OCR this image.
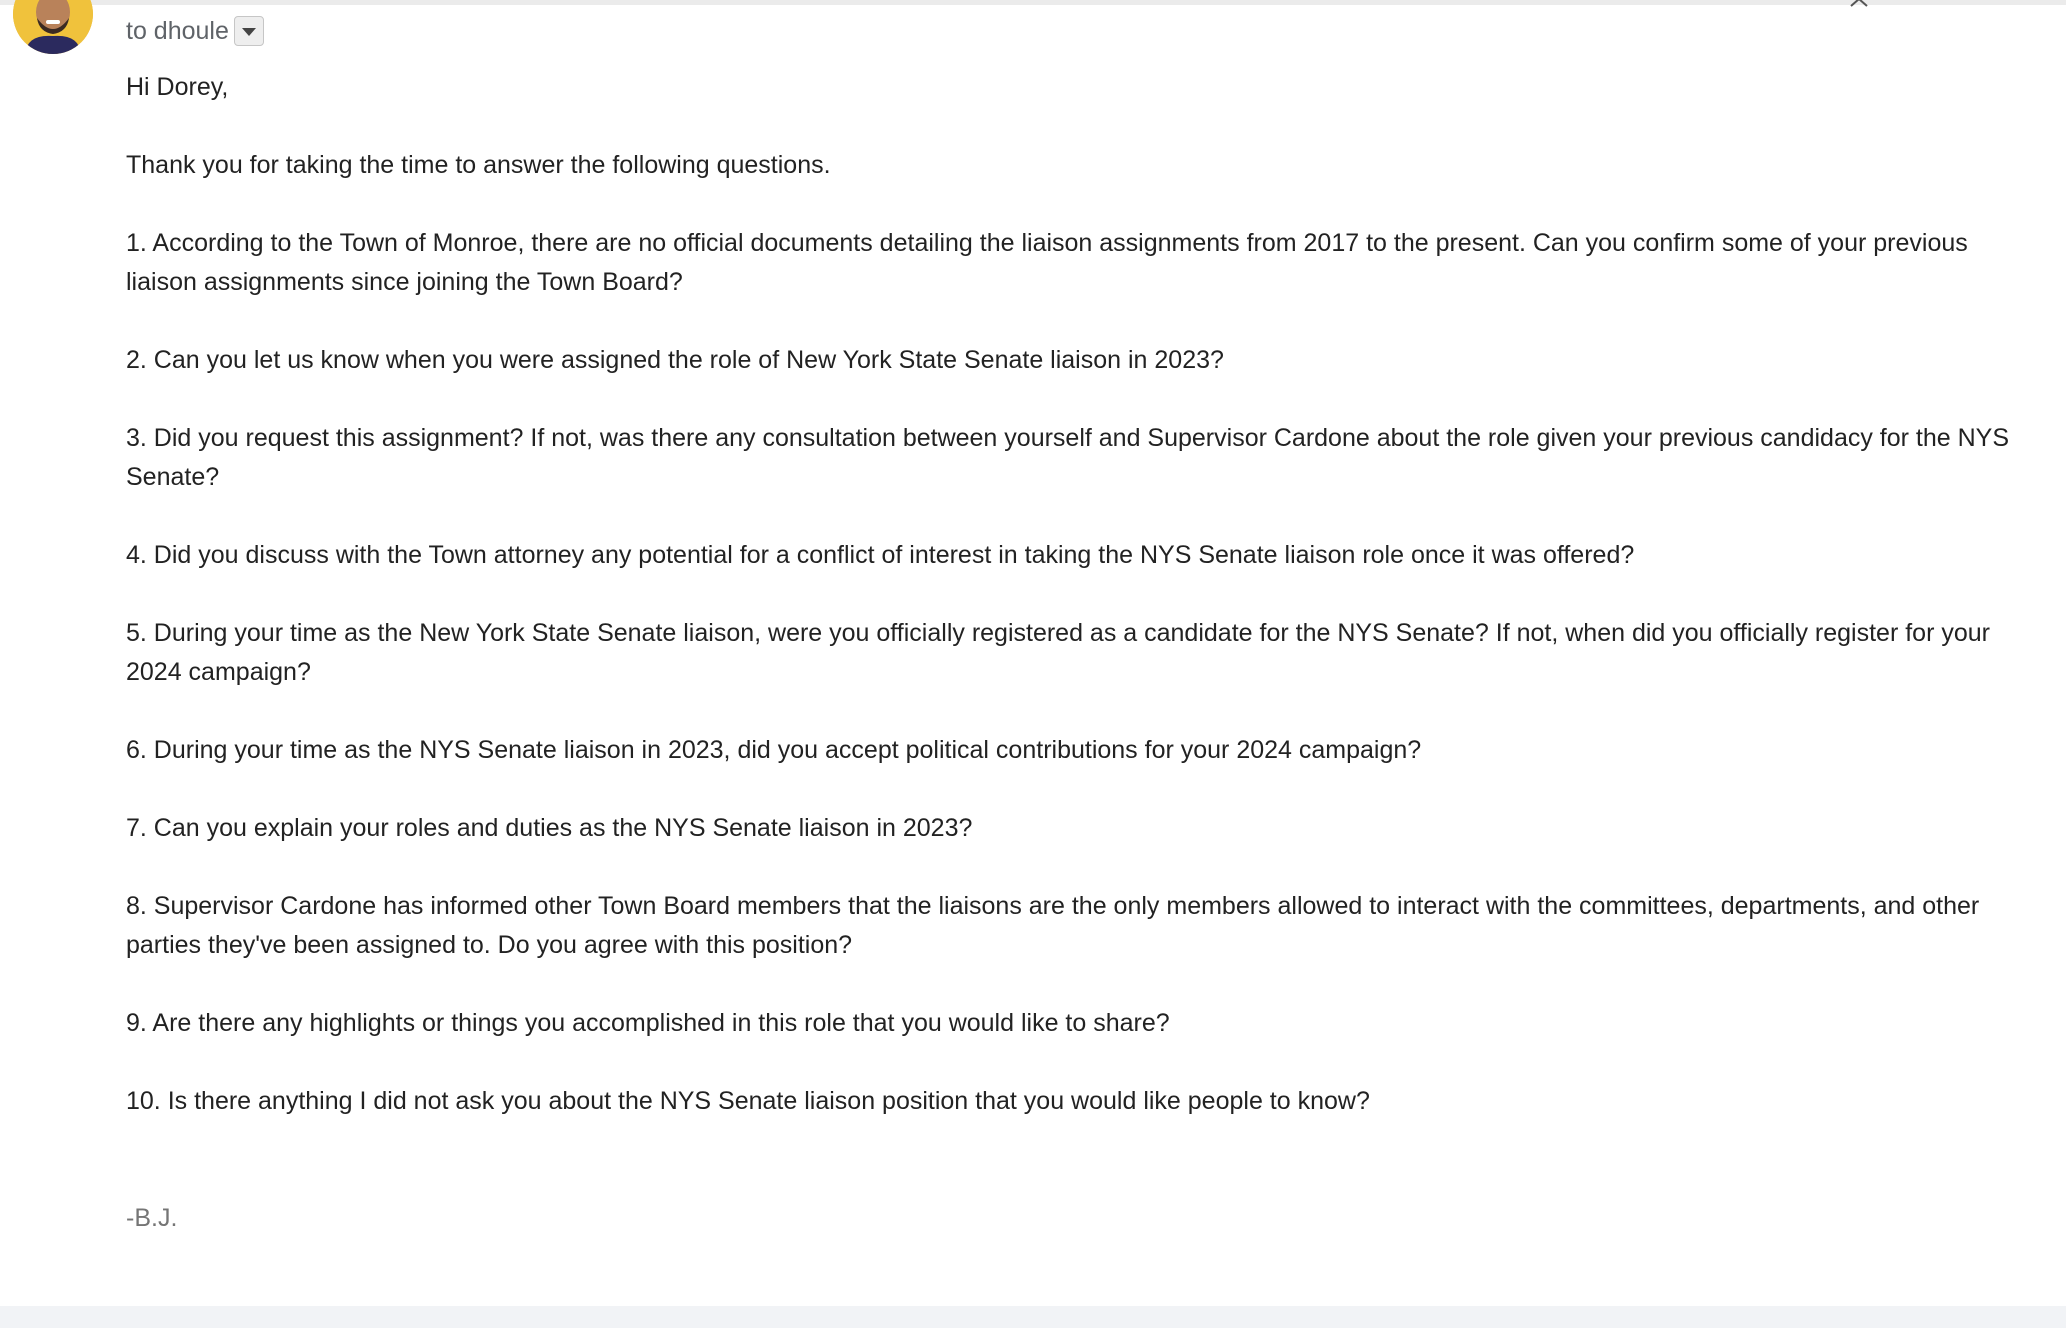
to dhoule

Hi Dorey,

Thank you for taking the time to answer the following questions.

1. According to the Town of Monroe, there are no official documents detailing the liaison assignments from 2017 to the present. Can you confirm some of your previous liaison assignments since joining the Town Board?

2. Can you let us know when you were assigned the role of New York State Senate liaison in 2023?

3. Did you request this assignment? If not, was there any consultation between yourself and Supervisor Cardone about the role given your previous candidacy for the NYS Senate?

4. Did you discuss with the Town attorney any potential for a conflict of interest in taking the NYS Senate liaison role once it was offered?

5. During your time as the New York State Senate liaison, were you officially registered as a candidate for the NYS Senate? If not, when did you officially register for your 2024 campaign?

6. During your time as the NYS Senate liaison in 2023, did you accept political contributions for your 2024 campaign?

7. Can you explain your roles and duties as the NYS Senate liaison in 2023?

8. Supervisor Cardone has informed other Town Board members that the liaisons are the only members allowed to interact with the committees, departments, and other parties they've been assigned to. Do you agree with this position?

9. Are there any highlights or things you accomplished in this role that you would like to share?

10. Is there anything I did not ask you about the NYS Senate liaison position that you would like people to know?

-B.J.
